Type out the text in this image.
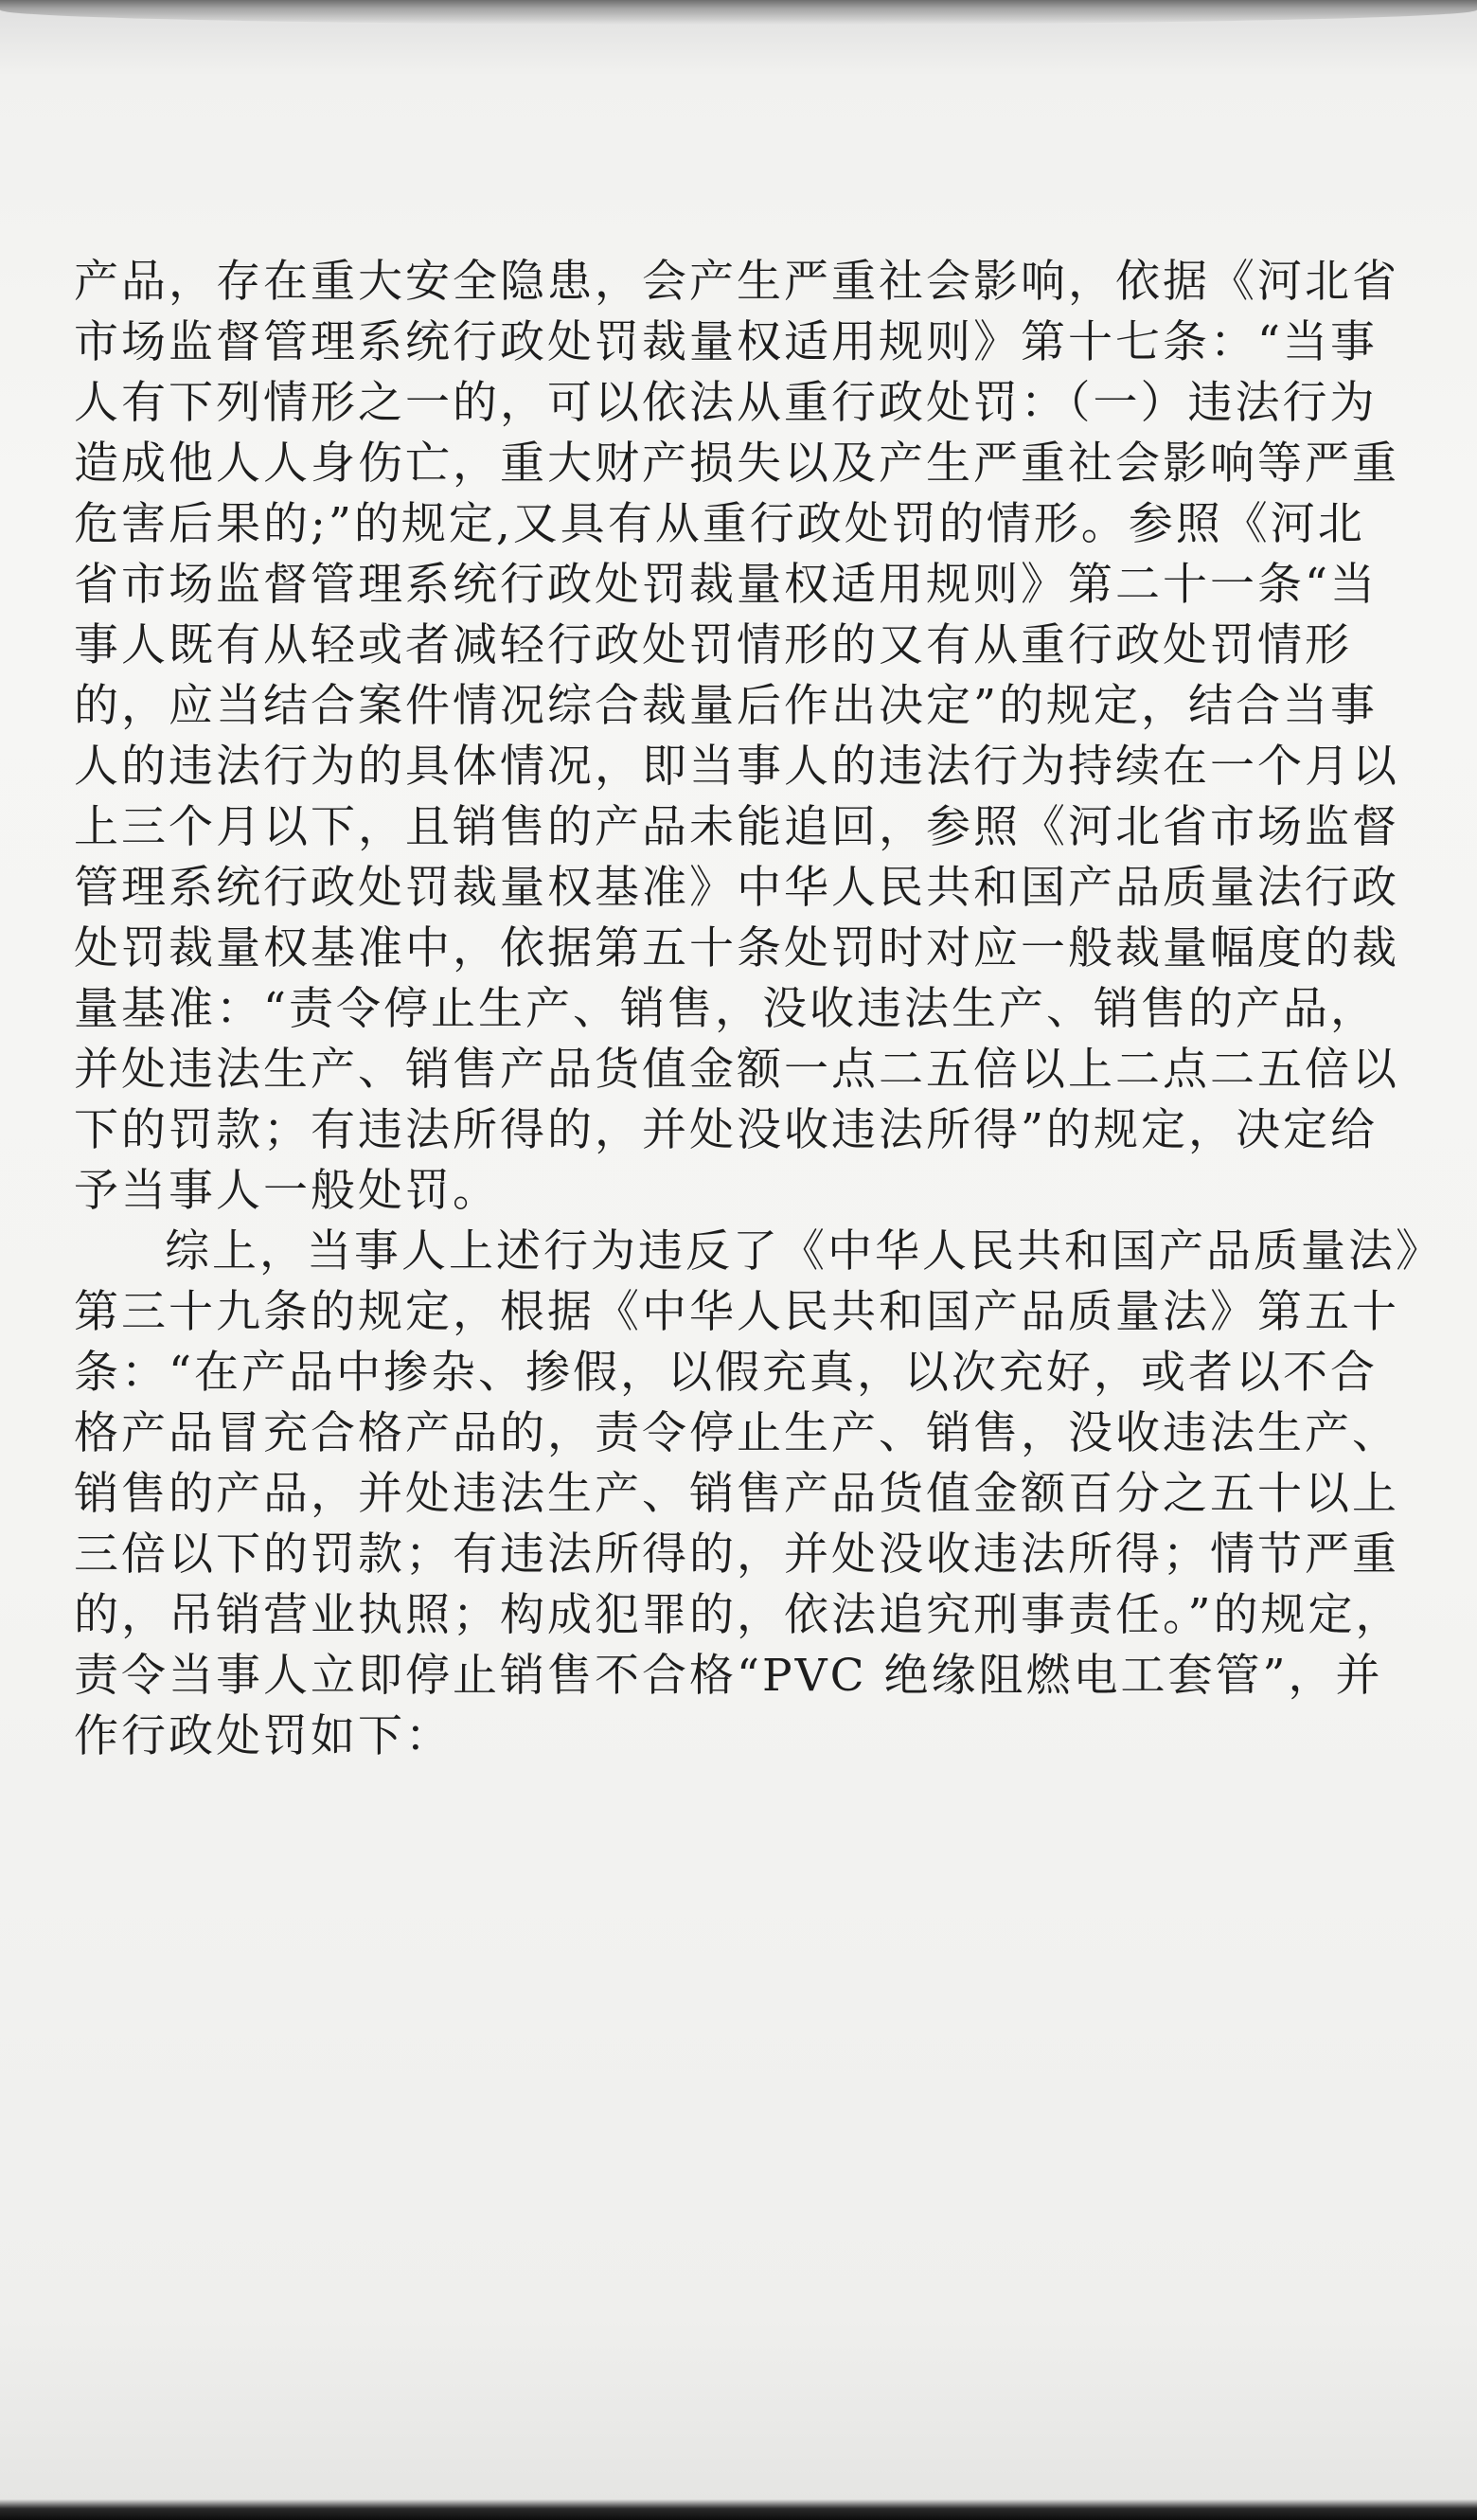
产品，存在重大安全隐患，会产生严重社会影响，依据《河北省
市场监督管理系统行政处罚裁量权适用规则》第十七条：“当事
人有下列情形之一的，可以依法从重行政处罚：（一）违法行为
造成他人人身伤亡，重大财产损失以及产生严重社会影响等严重
危害后果的;”的规定,又具有从重行政处罚的情形。参照《河北
省市场监督管理系统行政处罚裁量权适用规则》第二十一条“当
事人既有从轻或者减轻行政处罚情形的又有从重行政处罚情形
的，应当结合案件情况综合裁量后作出决定”的规定，结合当事
人的违法行为的具体情况，即当事人的违法行为持续在一个月以
上三个月以下，且销售的产品未能追回，参照《河北省市场监督
管理系统行政处罚裁量权基准》中华人民共和国产品质量法行政
处罚裁量权基准中，依据第五十条处罚时对应一般裁量幅度的裁
量基准：“责令停止生产、销售，没收违法生产、销售的产品，
并处违法生产、销售产品货值金额一点二五倍以上二点二五倍以
下的罚款；有违法所得的，并处没收违法所得”的规定，决定给
予当事人一般处罚。
综上，当事人上述行为违反了《中华人民共和国产品质量法》
第三十九条的规定，根据《中华人民共和国产品质量法》第五十
条：“在产品中掺杂、掺假，以假充真，以次充好，或者以不合
格产品冒充合格产品的，责令停止生产、销售，没收违法生产、
销售的产品，并处违法生产、销售产品货值金额百分之五十以上
三倍以下的罚款；有违法所得的，并处没收违法所得；情节严重
的，吊销营业执照；构成犯罪的，依法追究刑事责任。”的规定，
责令当事人立即停止销售不合格“PVC 绝缘阻燃电工套管”，并
作行政处罚如下：
